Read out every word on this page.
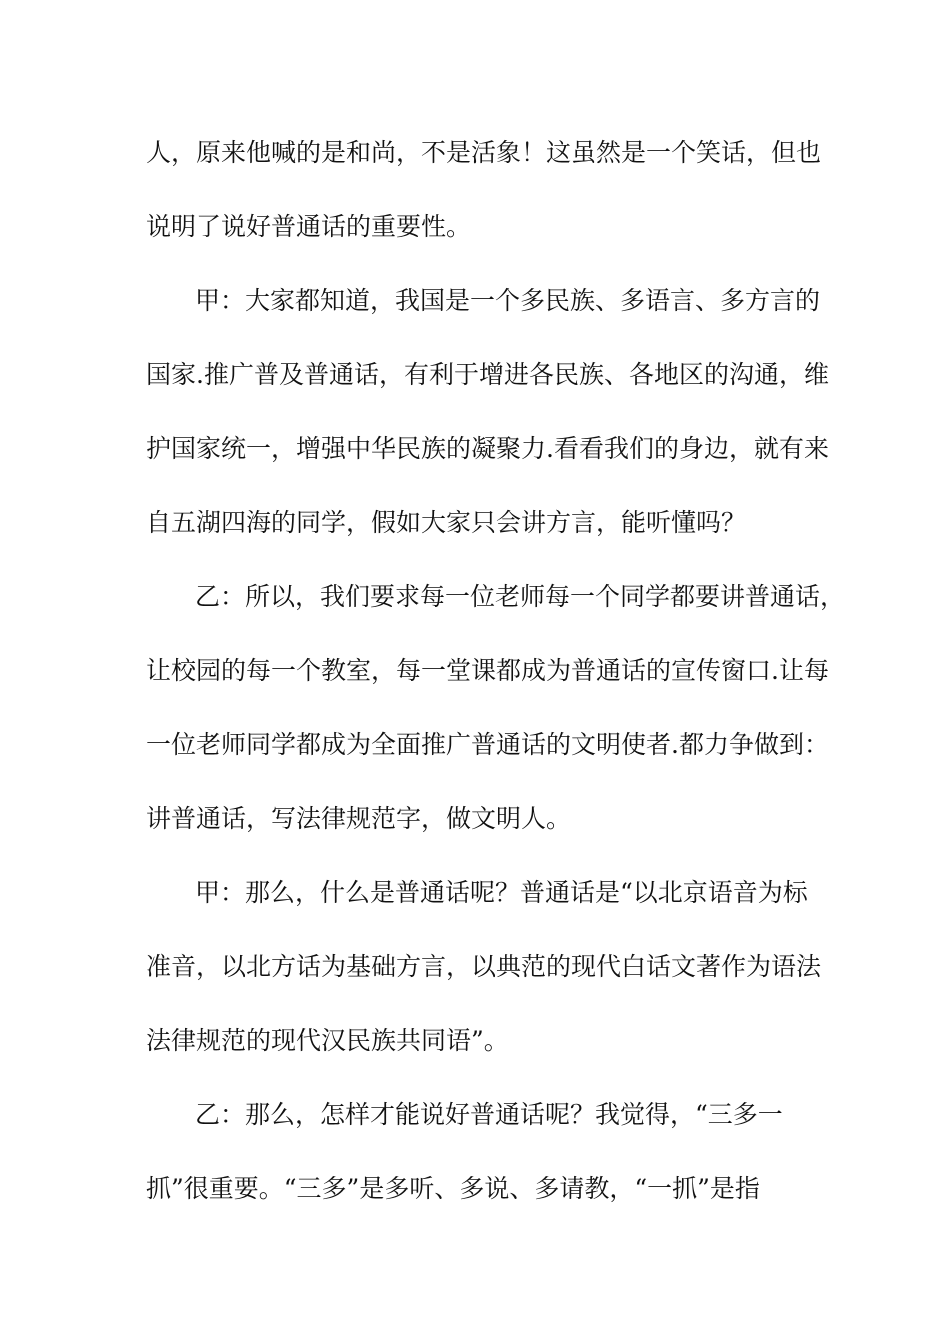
人，原来他喊的是和尚，不是活象！这虽然是一个笑话，但也
说明了说好普通话的重要性。
甲：大家都知道，我国是一个多民族、多语言、多方言的
国家.推广普及普通话，有利于增进各民族、各地区的沟通，维
护国家统一，增强中华民族的凝聚力.看看我们的身边，就有来
自五湖四海的同学，假如大家只会讲方言，能听懂吗？
乙：所以，我们要求每一位老师每一个同学都要讲普通话，
让校园的每一个教室，每一堂课都成为普通话的宣传窗口.让每
一位老师同学都成为全面推广普通话的文明使者.都力争做到：
讲普通话，写法律规范字，做文明人。
甲：那么，什么是普通话呢？普通话是“以北京语音为标
准音，以北方话为基础方言，以典范的现代白话文著作为语法
法律规范的现代汉民族共同语”。
乙：那么，怎样才能说好普通话呢？我觉得，“三多一
抓”很重要。“三多”是多听、多说、多请教，“一抓”是指
